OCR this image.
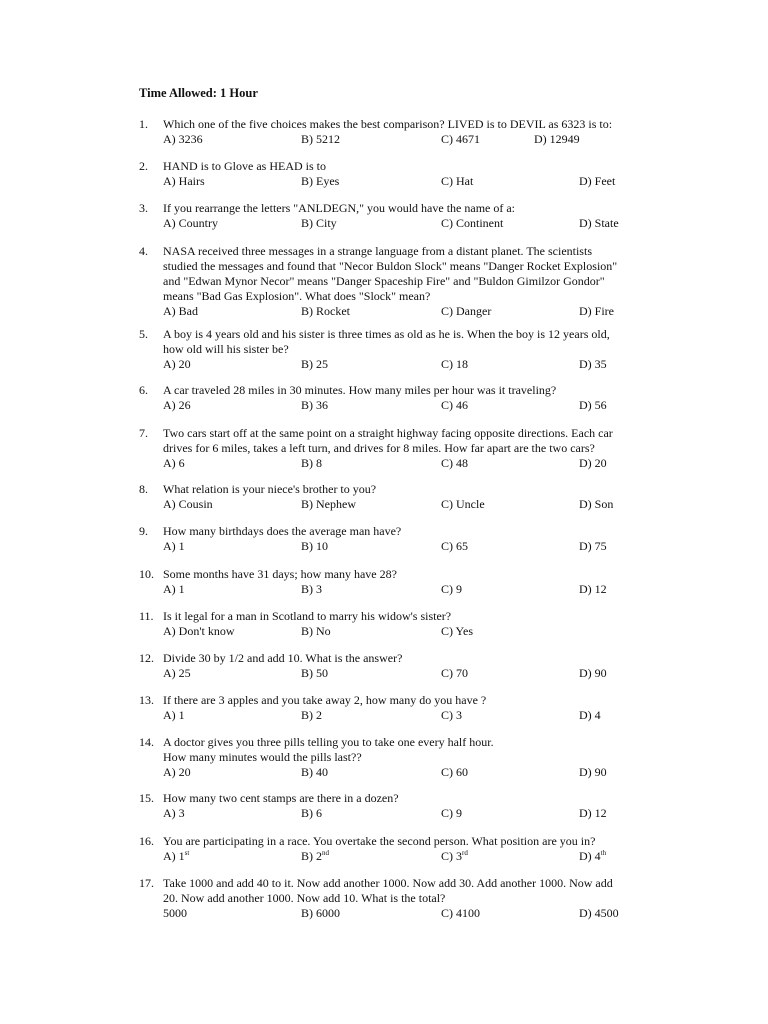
Time Allowed: 1 Hour
1. Which one of the five choices makes the best comparison? LIVED is to DEVIL as 6323 is to:
A) 3236	B) 5212	C) 4671	D) 12949
2. HAND is to Glove as HEAD is to
A) Hairs	B) Eyes	C) Hat	D) Feet
3. If you rearrange the letters "ANLDEGN," you would have the name of a:
A) Country	B) City	C) Continent	D) State
4. NASA received three messages in a strange language from a distant planet. The scientists
studied the messages and found that "Necor Buldon Slock" means "Danger Rocket Explosion"
and "Edwan Mynor Necor" means "Danger Spaceship Fire" and "Buldon Gimilzor Gondor"
means "Bad Gas Explosion". What does "Slock" mean?
A) Bad	B) Rocket	C) Danger	D) Fire
5. A boy is 4 years old and his sister is three times as old as he is. When the boy is 12 years old,
how old will his sister be?
A) 20	B) 25	C) 18	D) 35
6. A car traveled 28 miles in 30 minutes. How many miles per hour was it traveling?
A) 26	B) 36	C) 46	D) 56
7. Two cars start off at the same point on a straight highway facing opposite directions. Each car
drives for 6 miles, takes a left turn, and drives for 8 miles. How far apart are the two cars?
A) 6	B) 8	C) 48	D) 20
8. What relation is your niece's brother to you?
A) Cousin	B) Nephew	C) Uncle	D) Son
9. How many birthdays does the average man have?
A) 1	B) 10	C) 65	D) 75
10. Some months have 31 days; how many have 28?
A) 1	B) 3	C) 9	D) 12
11. Is it legal for a man in Scotland to marry his widow's sister?
A) Don't know	B) No	C) Yes
12. Divide 30 by 1/2 and add 10. What is the answer?
A) 25	B) 50	C) 70	D) 90
13. If there are 3 apples and you take away 2, how many do you have ?
A) 1	B) 2	C) 3	D) 4
14. A doctor gives you three pills telling you to take one every half hour.
How many minutes would the pills last??
A) 20	B) 40	C) 60	D) 90
15. How many two cent stamps are there in a dozen?
A) 3	B) 6	C) 9	D) 12
16. You are participating in a race. You overtake the second person. What position are you in?
A) 1st	B) 2nd	C) 3rd	D) 4th
17. Take 1000 and add 40 to it. Now add another 1000. Now add 30. Add another 1000. Now add
20. Now add another 1000. Now add 10. What is the total?
5000	B) 6000	C) 4100	D) 4500
